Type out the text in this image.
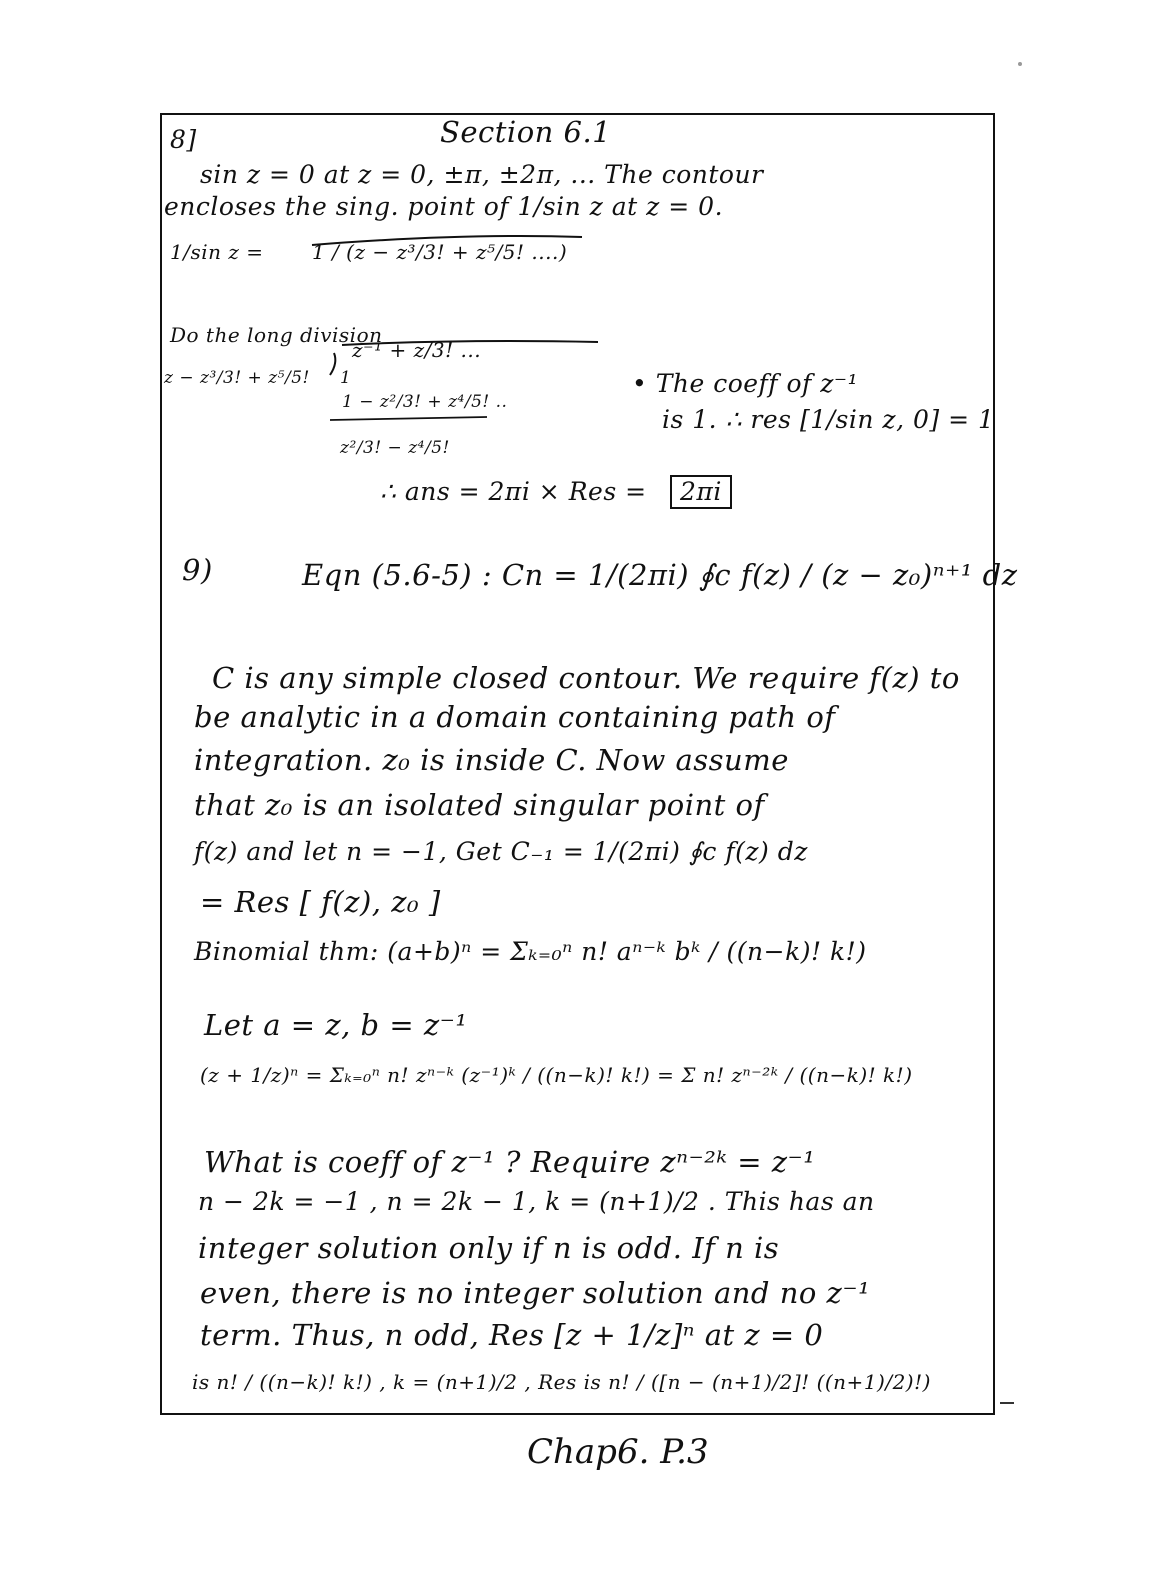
8]	Section 6.1
sin z = 0 at z = 0, ±π, ±2π, ... The contour
encloses the sing. point of 1/sin z at z = 0.
1/sin z = 1 / (z − z³/3! + z⁵/5! ....)
Do the long division
z⁻¹ + z/3! ...
z − z³/3! + z⁵/5! 1
1 − z²/3! + z⁴/5! ..
z²/3! − z⁴/5!
• The coeff of z⁻¹
is 1. ∴ res [1/sin z, 0] = 1
∴ ans = 2πi × Res =	2πi
9)	Eqn (5.6-5) : Cn = 1/(2πi) ∮c f(z) / (z − z₀)ⁿ⁺¹ dz
C is any simple closed contour. We require f(z) to
be analytic in a domain containing path of
integration. z₀ is inside C. Now assume
that z₀ is an isolated singular point of
f(z) and let n = −1, Get C₋₁ = 1/(2πi) ∮c f(z) dz
= Res [ f(z), z₀ ]
Binomial thm: (a+b)ⁿ = Σₖ₌₀ⁿ n! aⁿ⁻ᵏ bᵏ / ((n−k)! k!)
Let a = z, b = z⁻¹
(z + 1/z)ⁿ = Σₖ₌₀ⁿ n! zⁿ⁻ᵏ (z⁻¹)ᵏ / ((n−k)! k!) = Σ n! zⁿ⁻²ᵏ / ((n−k)! k!)
What is coeff of z⁻¹ ? Require zⁿ⁻²ᵏ = z⁻¹
n − 2k = −1 , n = 2k − 1, k = (n+1)/2 . This has an
integer solution only if n is odd. If n is
even, there is no integer solution and no z⁻¹
term. Thus, n odd, Res [z + 1/z]ⁿ at z = 0
is n! / ((n−k)! k!) , k = (n+1)/2 , Res is n! / ([n − (n+1)/2]! ((n+1)/2)!)
Chap6. P.3
